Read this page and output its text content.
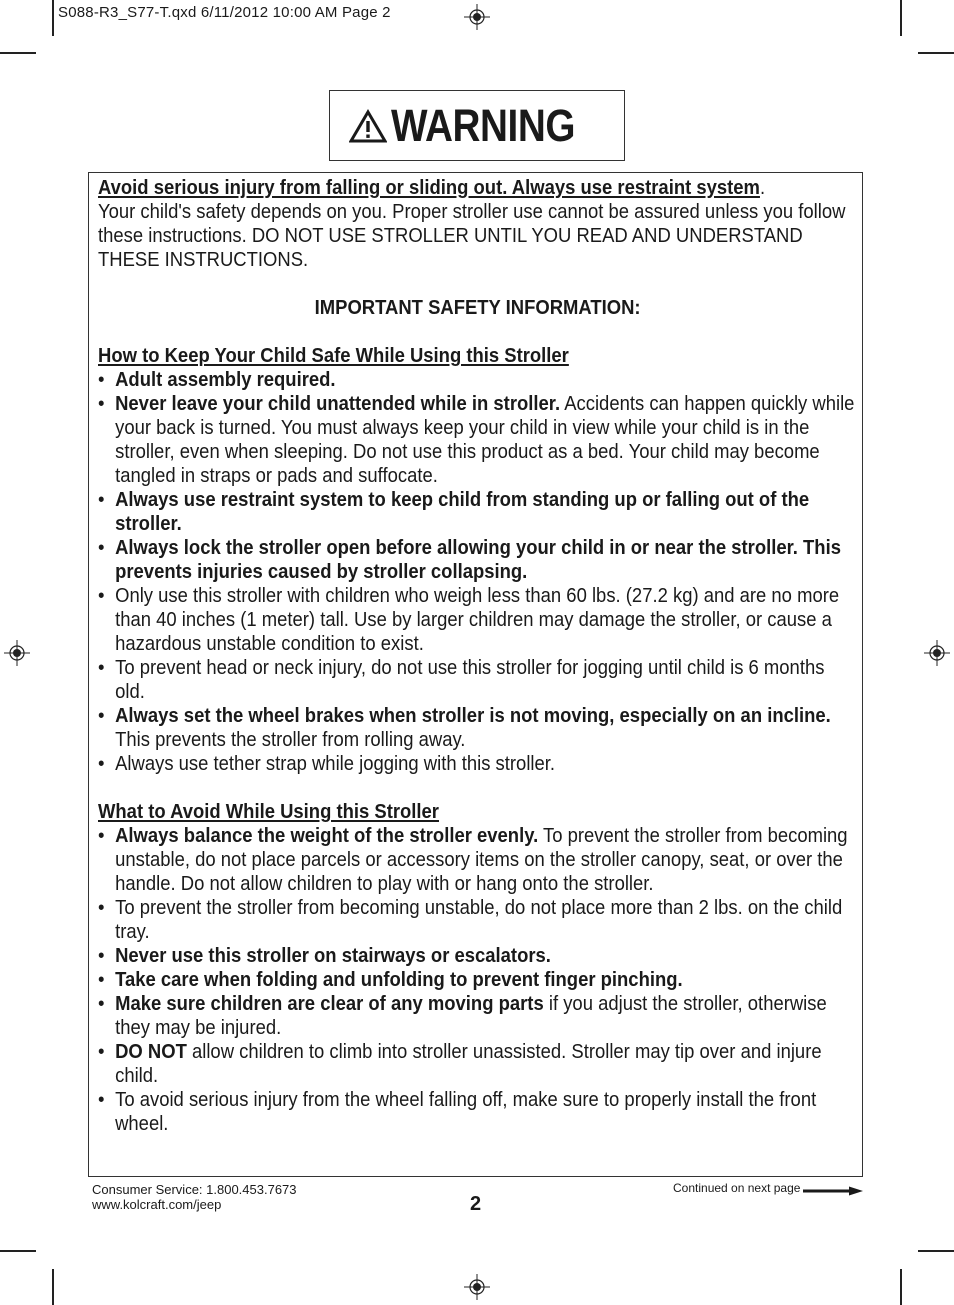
S088-R3_S77-T.qxd 6/11/2012 10:00 AM Page 2
WARNING

Avoid serious injury from falling or sliding out. Always use restraint system.
Your child's safety depends on you. Proper stroller use cannot be assured unless you follow these instructions. DO NOT USE STROLLER UNTIL YOU READ AND UNDERSTAND THESE INSTRUCTIONS.

IMPORTANT SAFETY INFORMATION:

How to Keep Your Child Safe While Using this Stroller

• Adult assembly required.

• Never leave your child unattended while in stroller. Accidents can happen quickly while your back is turned. You must always keep your child in view while your child is in the stroller, even when sleeping. Do not use this product as a bed. Your child may become tangled in straps or pads and suffocate.

• Always use restraint system to keep child from standing up or falling out of the stroller.

• Always lock the stroller open before allowing your child in or near the stroller. This prevents injuries caused by stroller collapsing.

• Only use this stroller with children who weigh less than 60 lbs. (27.2 kg) and are no more than 40 inches (1 meter) tall. Use by larger children may damage the stroller, or cause a hazardous unstable condition to exist.

• To prevent head or neck injury, do not use this stroller for jogging until child is 6 months old.

• Always set the wheel brakes when stroller is not moving, especially on an incline. This prevents the stroller from rolling away.

• Always use tether strap while jogging with this stroller.

What to Avoid While Using this Stroller

• Always balance the weight of the stroller evenly. To prevent the stroller from becoming unstable, do not place parcels or accessory items on the stroller canopy, seat, or over the handle. Do not allow children to play with or hang onto the stroller.

• To prevent the stroller from becoming unstable, do not place more than 2 lbs. on the child tray.

• Never use this stroller on stairways or escalators.

• Take care when folding and unfolding to prevent finger pinching.

• Make sure children are clear of any moving parts if you adjust the stroller, otherwise they may be injured.

• DO NOT allow children to climb into stroller unassisted. Stroller may tip over and injure child.

• To avoid serious injury from the wheel falling off, make sure to properly install the front wheel.

Consumer Service: 1.800.453.7673
www.kolcraft.com/jeep	2
Continued on next page
